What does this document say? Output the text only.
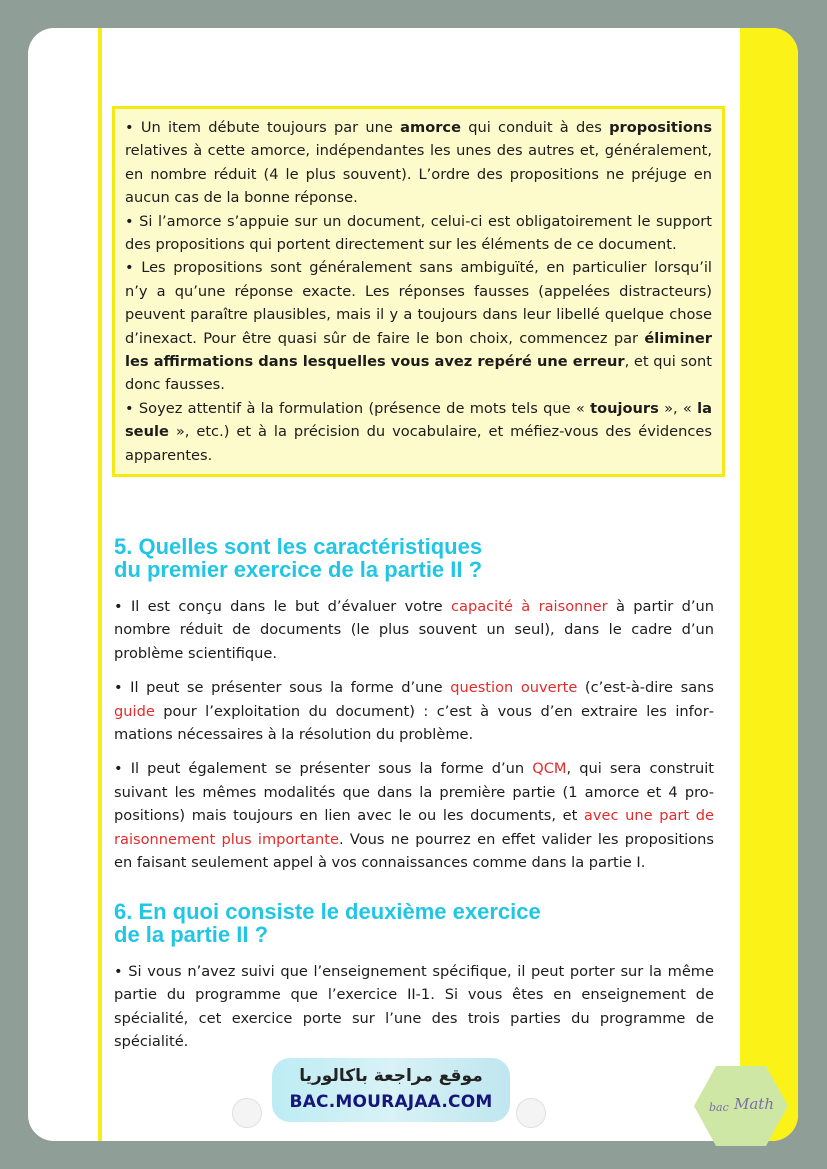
• Un item débute toujours par une amorce qui conduit à des propositions relatives à cette amorce, indépendantes les unes des autres et, généralement, en nombre réduit (4 le plus souvent). L’ordre des propositions ne préjuge en aucun cas de la bonne réponse.

• Si l’amorce s’appuie sur un document, celui-ci est obligatoirement le support des propositions qui portent directement sur les éléments de ce document.

• Les propositions sont généralement sans ambiguïté, en particulier lorsqu’il n’y a qu’une réponse exacte. Les réponses fausses (appelées distracteurs) peuvent paraître plausibles, mais il y a toujours dans leur libellé quelque chose d’inexact. Pour être quasi sûr de faire le bon choix, commencez par éliminer les affirmations dans lesquelles vous avez repéré une erreur, et qui sont donc fausses.

• Soyez attentif à la formulation (présence de mots tels que « toujours », « la seule », etc.) et à la précision du vocabulaire, et méfiez-vous des évidences apparentes.

5. Quelles sont les caractéristiques
du premier exercice de la partie II ?

• Il est conçu dans le but d’évaluer votre capacité à raisonner à partir d’un nombre réduit de documents (le plus souvent un seul), dans le cadre d’un problème scientifique.

• Il peut se présenter sous la forme d’une question ouverte (c’est-à-dire sans guide pour l’exploitation du document) : c’est à vous d’en extraire les informations nécessaires à la résolution du problème.

• Il peut également se présenter sous la forme d’un QCM, qui sera construit suivant les mêmes modalités que dans la première partie (1 amorce et 4 propositions) mais toujours en lien avec le ou les documents, et avec une part de raisonnement plus importante. Vous ne pourrez en effet valider les propositions en faisant seulement appel à vos connaissances comme dans la partie I.

6. En quoi consiste le deuxième exercice
de la partie II ?

• Si vous n’avez suivi que l’enseignement spécifique, il peut porter sur la même partie du programme que l’exercice II-1. Si vous êtes en enseignement de spécialité, cet exercice porte sur l’une des trois parties du programme de spécialité.

موقع مراجعة باكالوريا
BAC.MOURAJAA.COM	bac Math
